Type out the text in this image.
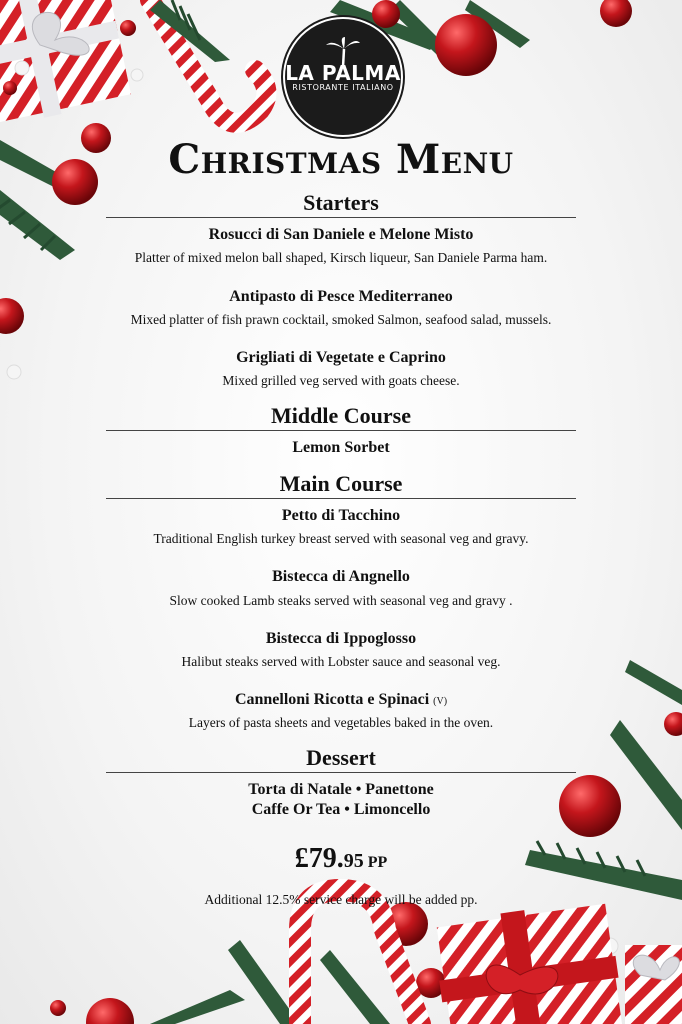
LA PALMA
RISTORANTE ITALIANO
Christmas Menu
Starters
Rosucci di San Daniele e Melone Misto
Platter of mixed melon ball shaped, Kirsch liqueur, San Daniele Parma ham.
Antipasto di Pesce Mediterraneo
Mixed platter of fish prawn cocktail, smoked Salmon, seafood salad, mussels.
Grigliati di Vegetate e Caprino
Mixed grilled veg served with goats cheese.
Middle Course
Lemon Sorbet
Main Course
Petto di Tacchino
Traditional English turkey breast served with seasonal veg and gravy.
Bistecca di Angnello
Slow cooked Lamb steaks served with seasonal veg and gravy .
Bistecca di Ippoglosso
Halibut steaks served with Lobster sauce and seasonal veg.
Cannelloni Ricotta e Spinaci (V)
Layers of pasta sheets and vegetables baked in the oven.
Dessert
Torta di Natale • Panettone
Caffe Or Tea • Limoncello
£79.95 PP
Additional 12.5% service charge will be added pp.
